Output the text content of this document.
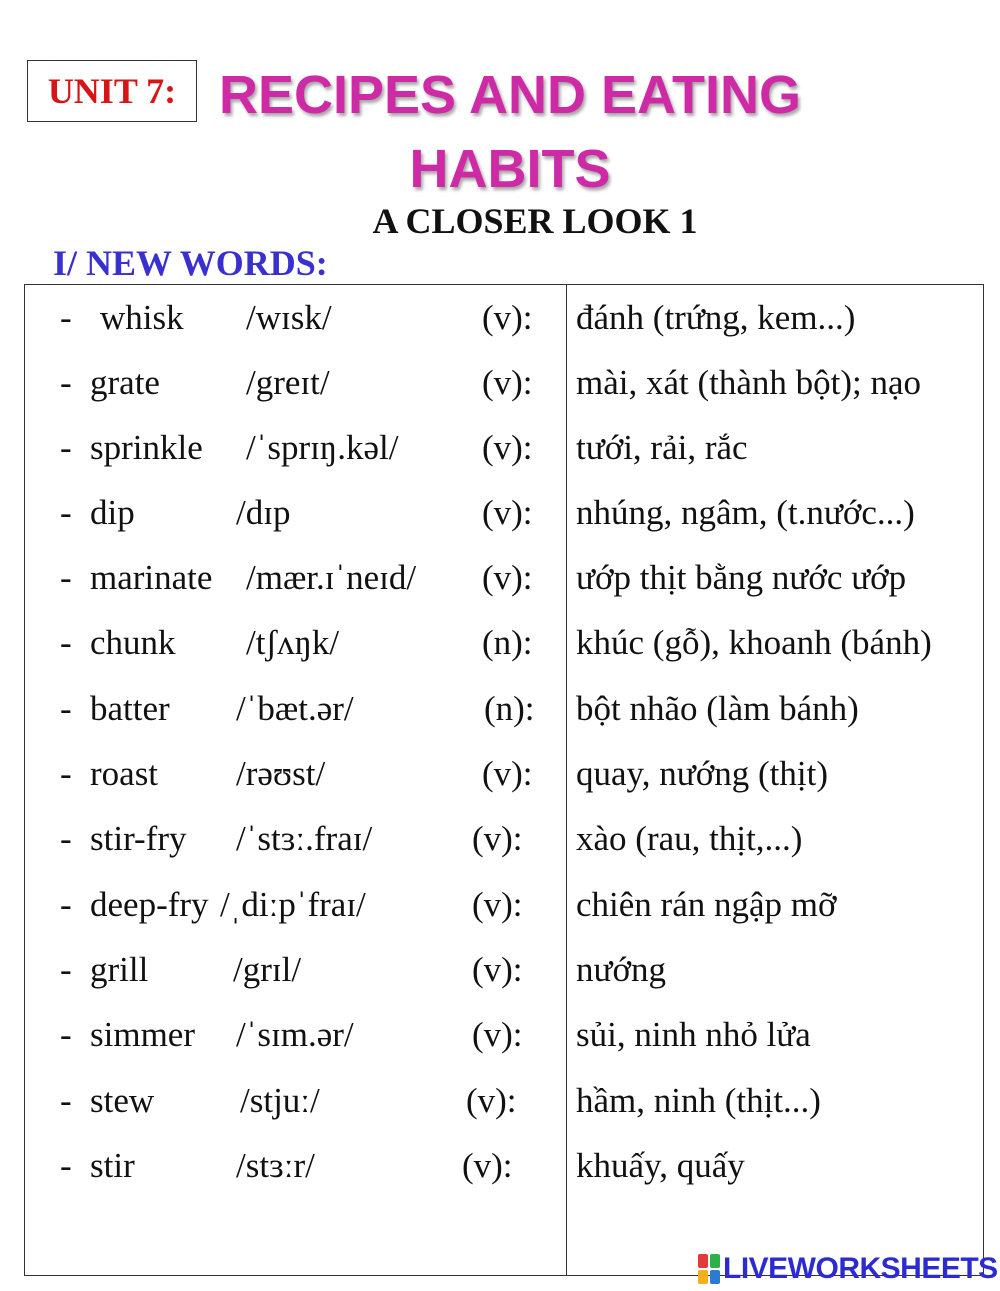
UNIT 7: RECIPES AND EATING HABITS
A CLOSER LOOK 1
I/ NEW WORDS:
- whisk /wɪsk/	(v): đánh (trứng, kem...)
- grate /greɪt/	(v): mài, xát (thành bột); nạo
- sprinkle /ˈsprɪŋ.kəl/ (v): tưới, rải, rắc
- dip	/dɪp	(v): nhúng, ngâm, (t.nước...)
- marinate /mær.ɪˈneɪd/ (v): ướp thịt bằng nước ướp
- chunk /tʃʌŋk/	(n): khúc (gỗ), khoanh (bánh)
- batter /ˈbæt.ər/	(n): bột nhão (làm bánh)
- roast /rəʊst/	(v): quay, nướng (thịt)
- stir-fry /ˈstɜː.fraɪ/	(v): xào (rau, thịt,...)
- deep-fry /ˌdiːpˈfraɪ/	(v): chiên rán ngập mỡ
- grill /grɪl/	(v): nướng
- simmer /ˈsɪm.ər/	(v): sủi, ninh nhỏ lửa
- stew /stjuː/	(v): hầm, ninh (thịt...)
- stir	/stɜːr/	(v): khuấy, quấy
LIVEWORKSHEETS
